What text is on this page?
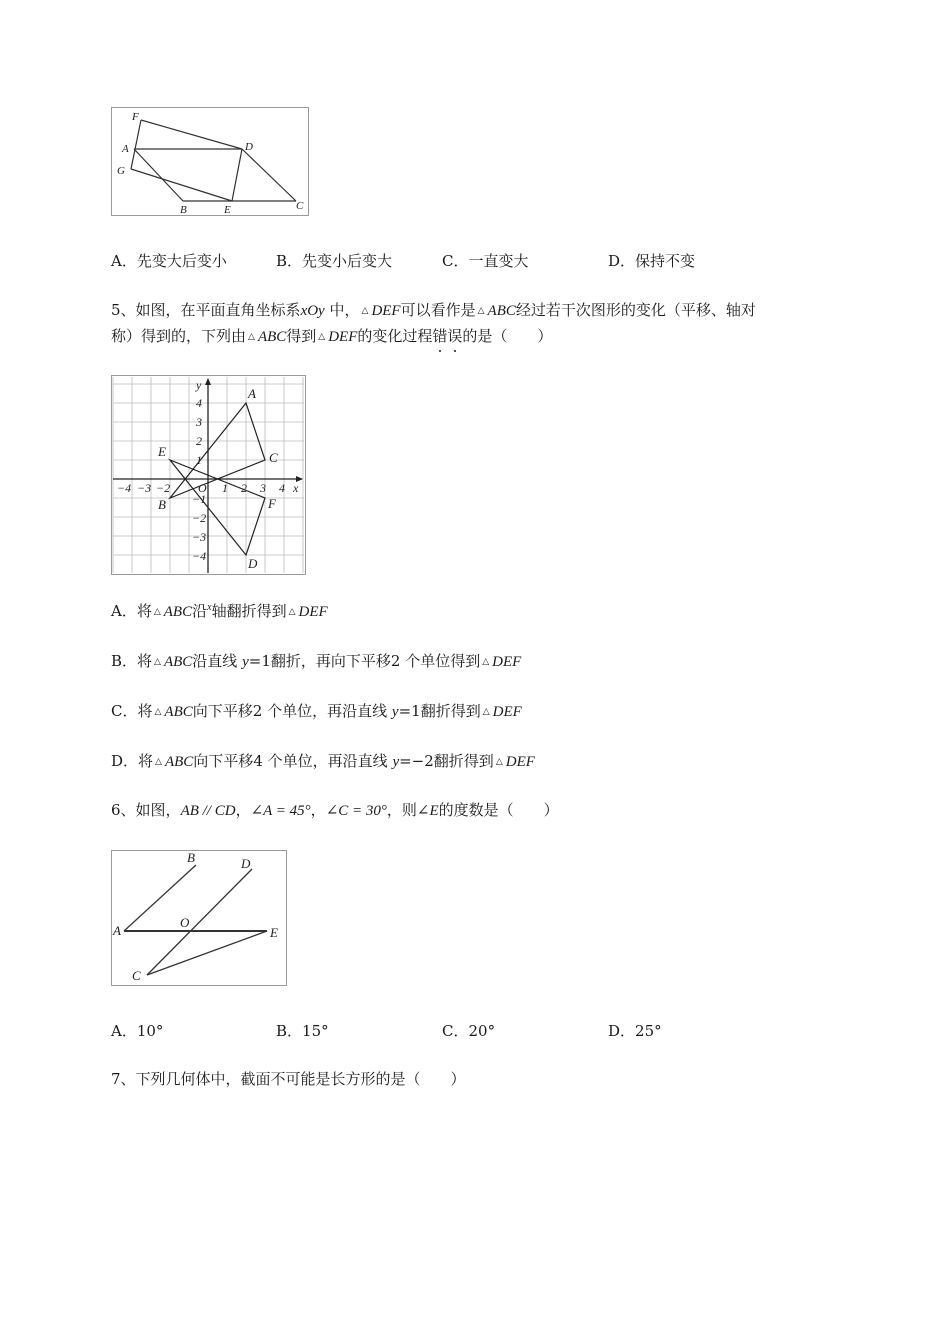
F
A
G
D
B	E	C
A．先变大后变小	B．先变小后变大	C．一直变大	D．保持不变
5、如图，在平面直角坐标系xOy 中， △ DEF可以看作是 △ ABC经过若干次图形的变化（平移、轴对
称）得到的，下列由 △ ABC得到 △ DEF的变化过程错误
的是（　　）
−4 −3 −2 O 1 2 3 4 x
y
4
3
2
1
−1
−2
−3
−4
A
B
C
D
E
F
A．将 △ ABC沿$^x$轴翻折得到 △ DEF
B．将 △ ABC沿直线 y=1翻折，再向下平移2 个单位得到 △ DEF
C．将 △ ABC向下平移2 个单位，再沿直线 y=1翻折得到 △ DEF
D．将 △ ABC向下平移4 个单位，再沿直线 y=−2翻折得到 △ DEF
6、如图，AB // CD，∠A = 45°，∠C = 30°，则∠E的度数是（　　）
A
B
C
D
E
O
A．10°	B．15°	C．20°	D．25°
7、下列几何体中，截面不可能是长方形的是（　　）
